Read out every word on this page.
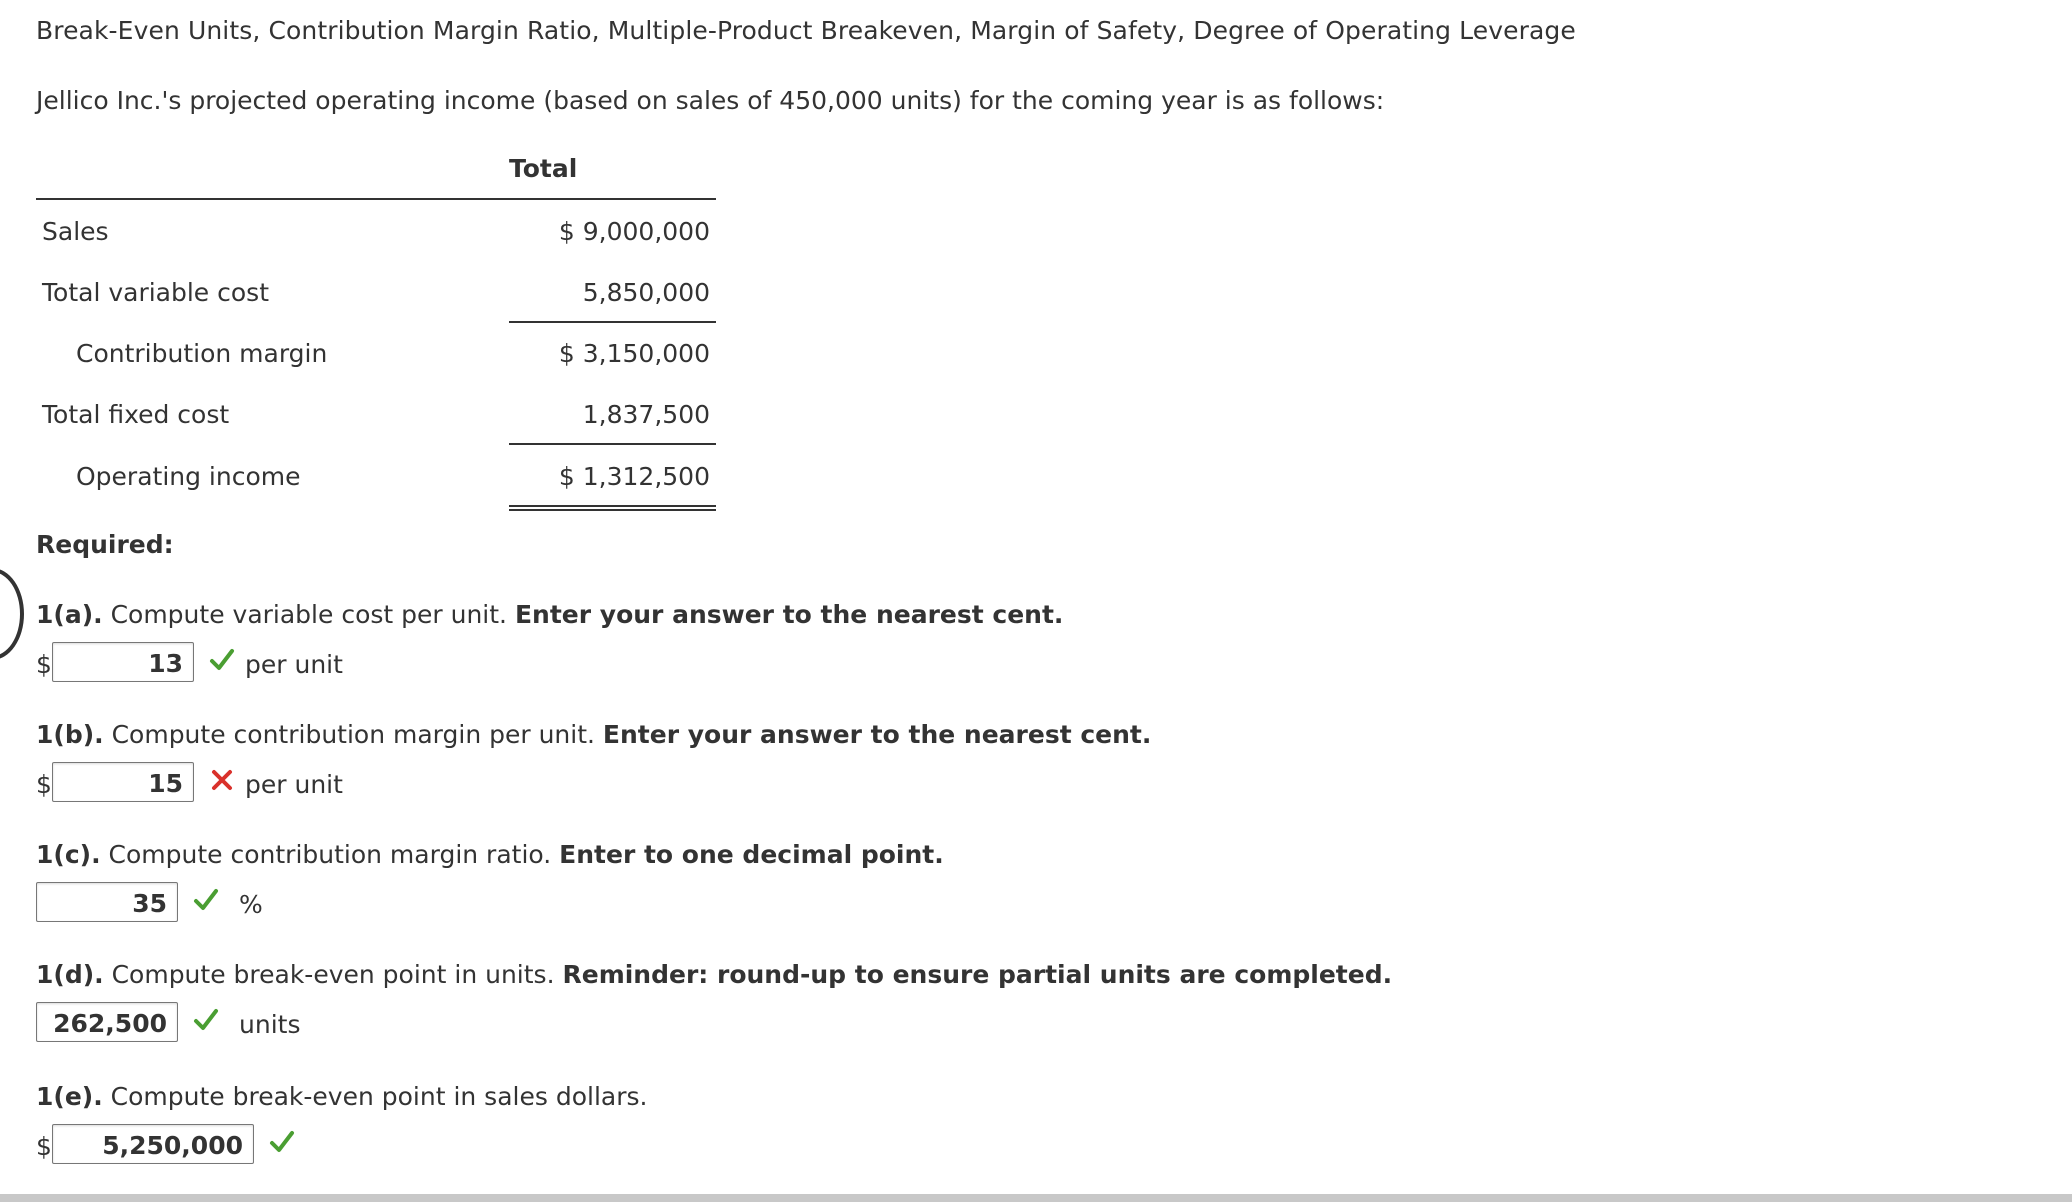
Break-Even Units, Contribution Margin Ratio, Multiple-Product Breakeven, Margin of Safety, Degree of Operating Leverage
Jellico Inc.'s projected operating income (based on sales of 450,000 units) for the coming year is as follows:
Total
Sales	$ 9,000,000
Total variable cost	5,850,000
Contribution margin	$ 3,150,000
Total fixed cost	1,837,500
Operating income	$ 1,312,500
Required:
1(a). Compute variable cost per unit. Enter your answer to the nearest cent.
$	13	per unit
1(b). Compute contribution margin per unit. Enter your answer to the nearest cent.
$	15	per unit
1(c). Compute contribution margin ratio. Enter to one decimal point.
35	%
1(d). Compute break-even point in units. Reminder: round-up to ensure partial units are completed.
262,500	units
1(e). Compute break-even point in sales dollars.
$	5,250,000
